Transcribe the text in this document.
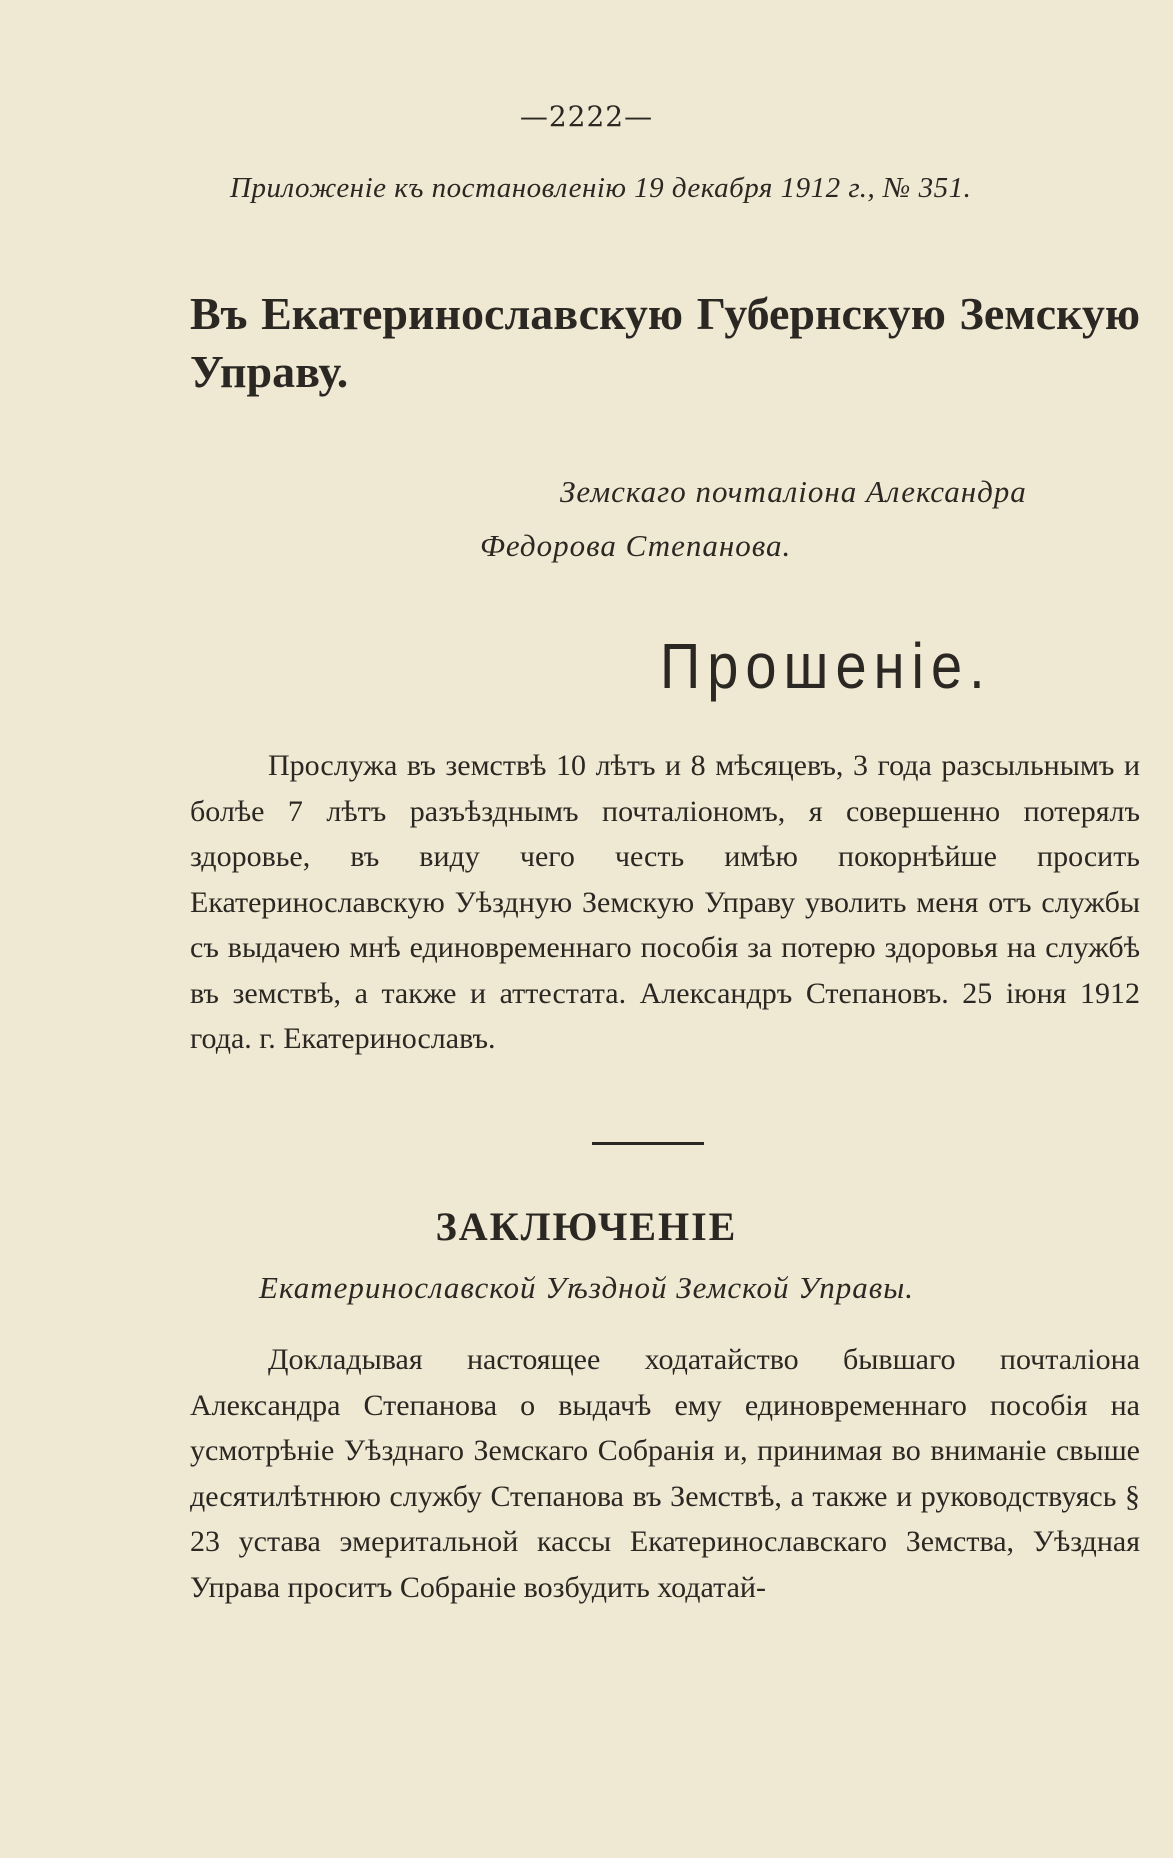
—2222—
Приложенiе къ постановленiю 19 декабря 1912 г., № 351.
Въ Екатеринославскую Губернскую Земскую Управу.
Земскаго почталiона Александра
Федорова Степанова.
Прошенiе.

Прослужа въ земствѣ 10 лѣтъ и 8 мѣсяцевъ, 3 года разсыльнымъ и болѣе 7 лѣтъ разъѣзднымъ почталiономъ, я совершенно потерялъ здоровье, въ виду чего честь имѣю покорнѣйше просить Екатеринославскую Уѣздную Земскую Управу уволить меня отъ службы съ выдачею мнѣ единовременнаго пособiя за потерю здоровья на службѣ въ земствѣ, а также и аттестата. Александръ Степановъ. 25 iюня 1912 года. г. Екатеринославъ.

ЗАКЛЮЧЕНIЕ
Екатеринославской Уѣздной Земской Управы.

Докладывая настоящее ходатайство бывшаго почталiона Александра Степанова о выдачѣ ему единовременнаго пособiя на усмотрѣнiе Уѣзднаго Земскаго Собранiя и, принимая во вниманiе свыше десятилѣтнюю службу Степанова въ Земствѣ, а также и руководствуясь § 23 устава эмеритальной кассы Екатеринославскаго Земства, Уѣздная Управа проситъ Собранiе возбудить ходатай-
